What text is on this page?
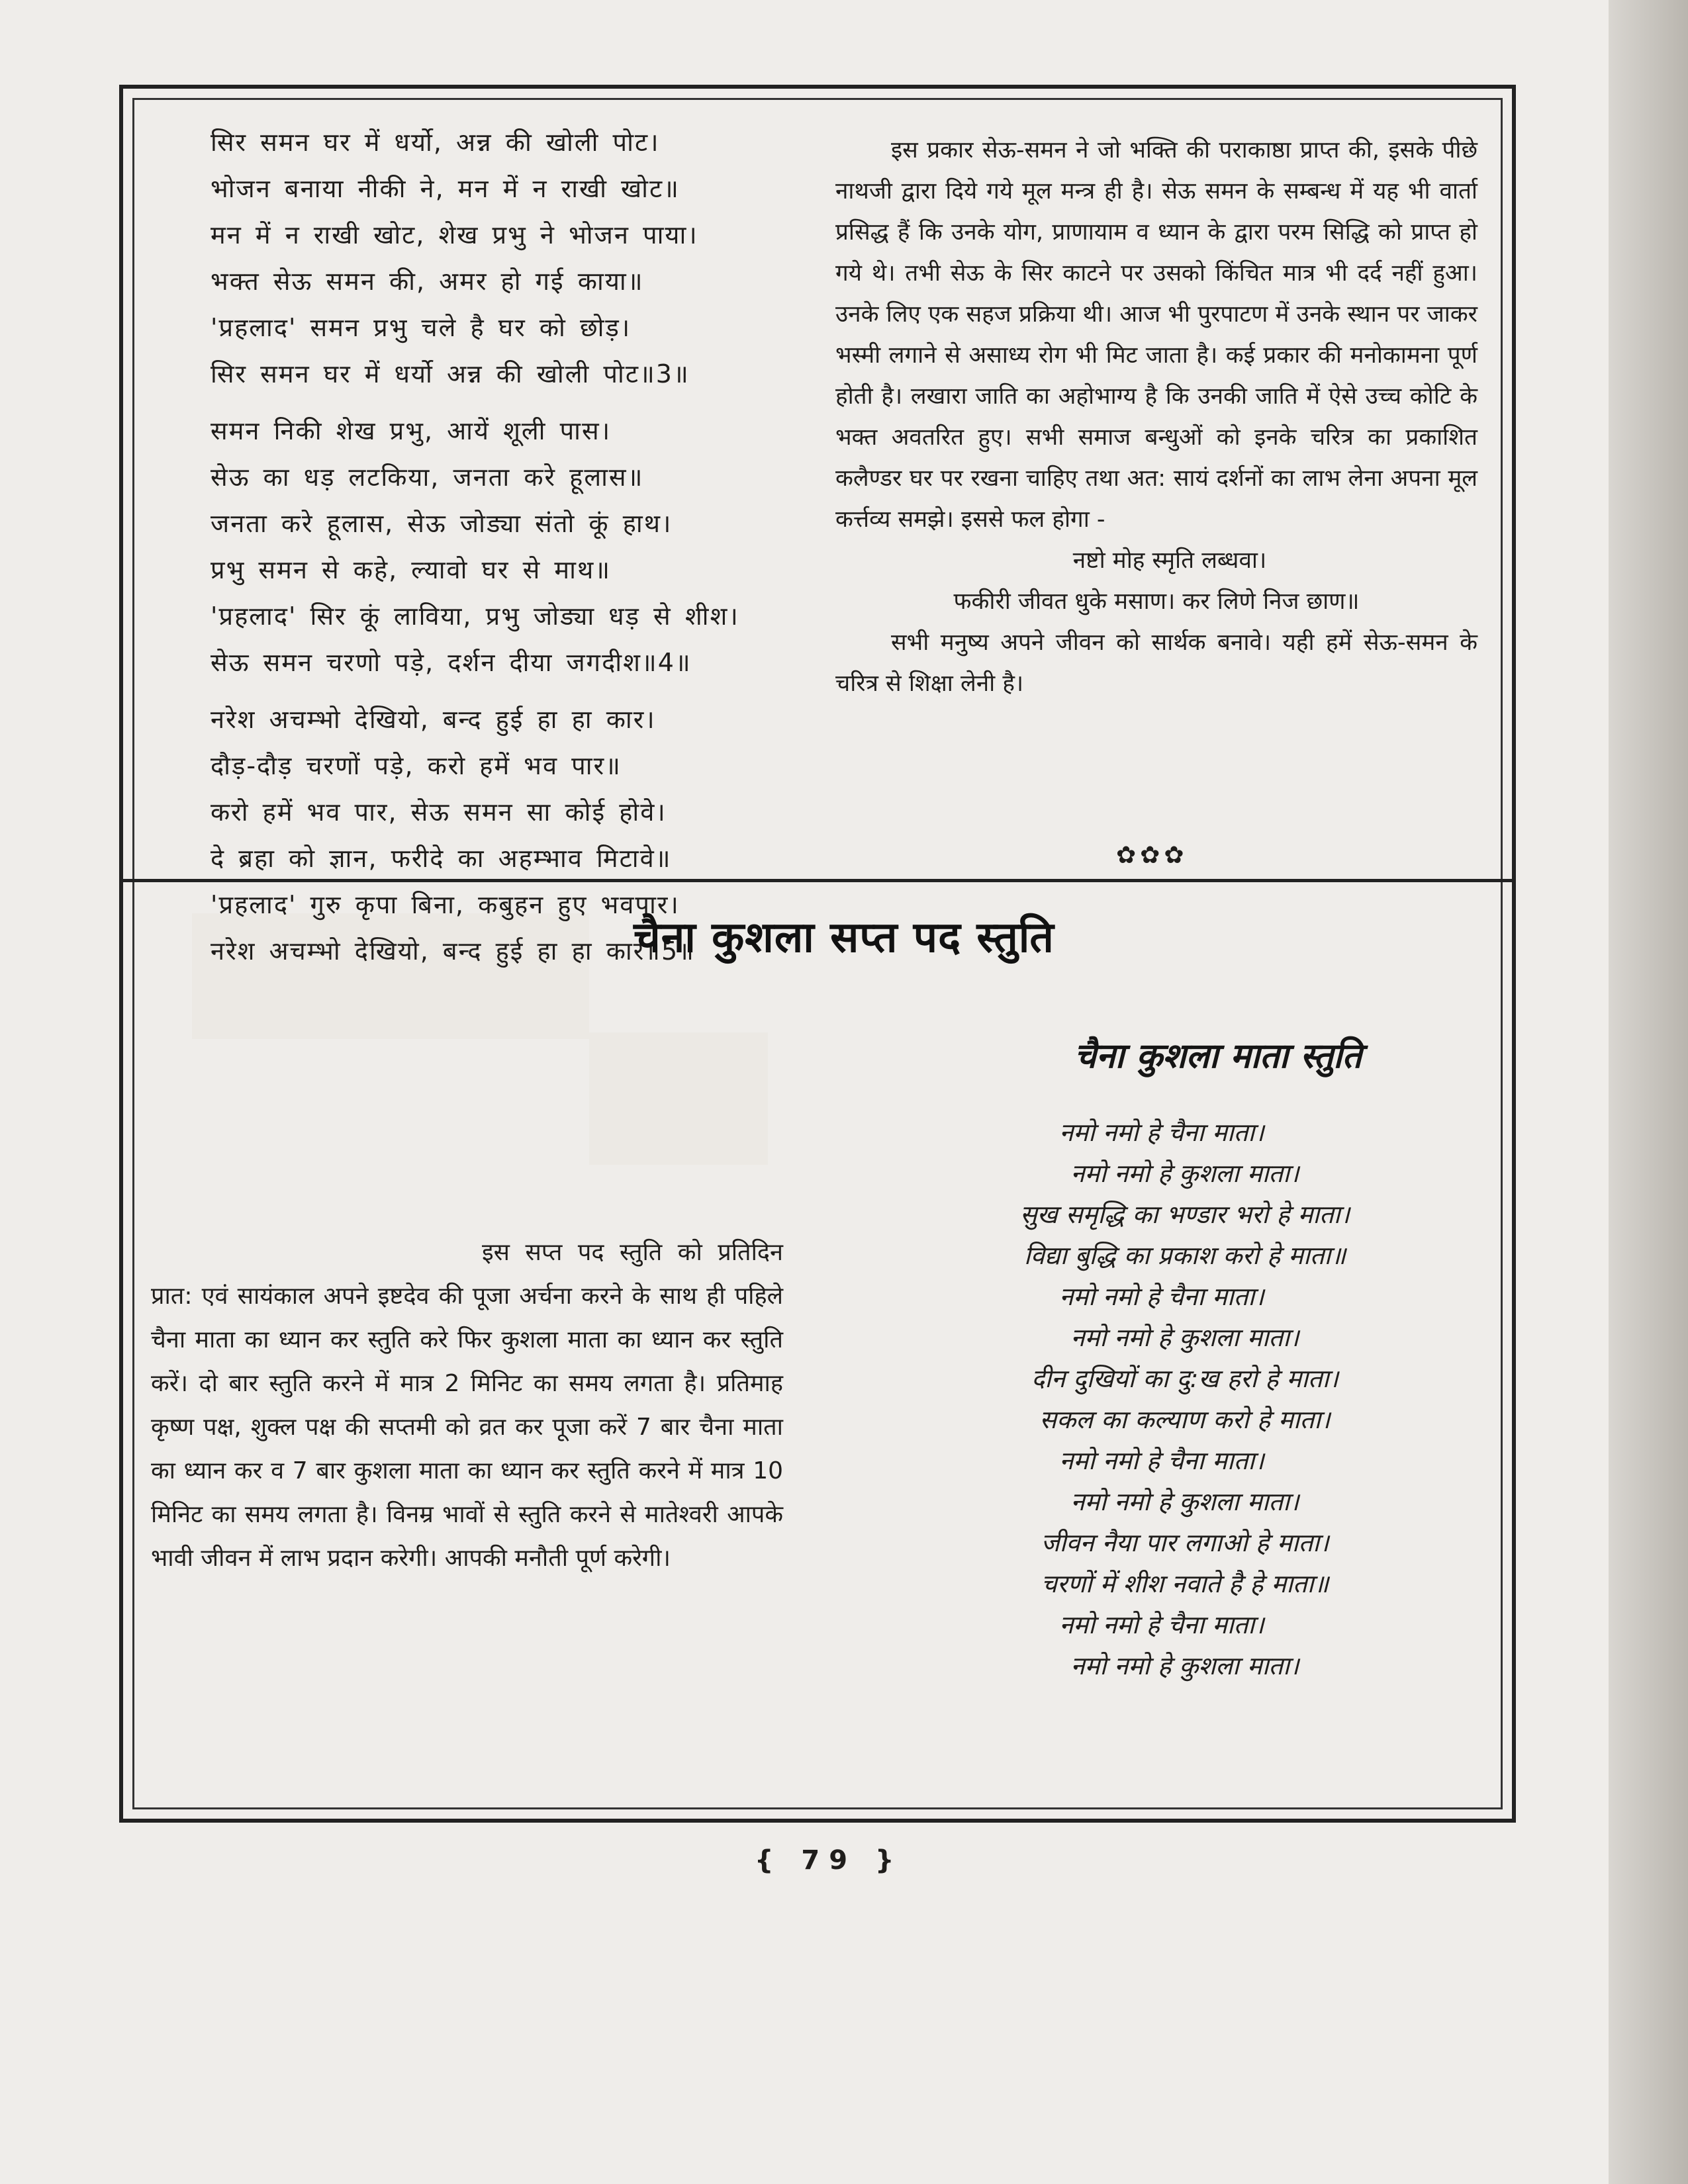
सिर समन घर में धर्यो, अन्न की खोली पोट।
भोजन बनाया नीकी ने, मन में न राखी खोट॥
मन में न राखी खोट, शेख प्रभु ने भोजन पाया।
भक्त सेऊ समन की, अमर हो गई काया॥
'प्रहलाद' समन प्रभु चले है घर को छोड़।
सिर समन घर में धर्यो अन्न की खोली पोट॥3॥
समन निकी शेख प्रभु, आयें शूली पास।
सेऊ का धड़ लटकिया, जनता करे हूलास॥
जनता करे हूलास, सेऊ जोड्या संतो कूं हाथ।
प्रभु समन से कहे, ल्यावो घर से माथ॥
'प्रहलाद' सिर कूं लाविया, प्रभु जोड्या धड़ से शीश।
सेऊ समन चरणो पड़े, दर्शन दीया जगदीश॥4॥
नरेश अचम्भो देखियो, बन्द हुई हा हा कार।
दौड़-दौड़ चरणों पड़े, करो हमें भव पार॥
करो हमें भव पार, सेऊ समन सा कोई होवे।
दे ब्रहा को ज्ञान, फरीदे का अहम्भाव मिटावे॥
'प्रहलाद' गुरु कृपा बिना, कबुहन हुए भवपार।
नरेश अचम्भो देखियो, बन्द हुई हा हा कार॥5॥

इस प्रकार सेऊ-समन ने जो भक्ति की पराकाष्ठा प्राप्त की, इसके पीछे नाथजी द्वारा दिये गये मूल मन्त्र ही है। सेऊ समन के सम्बन्ध में यह भी वार्ता प्रसिद्ध हैं कि उनके योग, प्राणायाम व ध्यान के द्वारा परम सिद्धि को प्राप्त हो गये थे। तभी सेऊ के सिर काटने पर उसको किंचित मात्र भी दर्द नहीं हुआ। उनके लिए एक सहज प्रक्रिया थी। आज भी पुरपाटण में उनके स्थान पर जाकर भस्मी लगाने से असाध्य रोग भी मिट जाता है। कई प्रकार की मनोकामना पूर्ण होती है। लखारा जाति का अहोभाग्य है कि उनकी जाति में ऐसे उच्च कोटि के भक्त अवतरित हुए। सभी समाज बन्धुओं को इनके चरित्र का प्रकाशित कलैण्डर घर पर रखना चाहिए तथा अत: सायं दर्शनों का लाभ लेना अपना मूल कर्त्तव्य समझे। इससे फल होगा -

नष्टो मोह स्मृति लब्धवा।
फकीरी जीवत धुके मसाण। कर लिणे निज छाण॥

सभी मनुष्य अपने जीवन को सार्थक बनावे। यही हमें सेऊ-समन के चरित्र से शिक्षा लेनी है।

✿✿✿
चैना कुशला सप्त पद स्तुति
चैना कुशला माता स्तुति
नमो नमो हे चैना माता।
नमो नमो हे कुशला माता।
सुख समृद्धि का भण्डार भरो हे माता।
विद्या बुद्धि का प्रकाश करो हे माता॥
नमो नमो हे चैना माता।
नमो नमो हे कुशला माता।
दीन दुखियों का दु:ख हरो हे माता।
सकल का कल्याण करो हे माता।
नमो नमो हे चैना माता।
नमो नमो हे कुशला माता।
जीवन नैया पार लगाओ हे माता।
चरणों में शीश नवाते है हे माता॥
नमो नमो हे चैना माता।
नमो नमो हे कुशला माता।

इस सप्त पद स्तुति को प्रतिदिन प्रात: एवं सायंकाल अपने इष्टदेव की पूजा अर्चना करने के साथ ही पहिले चैना माता का ध्यान कर स्तुति करे फिर कुशला माता का ध्यान कर स्तुति करें। दो बार स्तुति करने में मात्र 2 मिनिट का समय लगता है। प्रतिमाह कृष्ण पक्ष, शुक्ल पक्ष की सप्तमी को व्रत कर पूजा करें 7 बार चैना माता का ध्यान कर व 7 बार कुशला माता का ध्यान कर स्तुति करने में मात्र 10 मिनिट का समय लगता है। विनम्र भावों से स्तुति करने से मातेश्वरी आपके भावी जीवन में लाभ प्रदान करेगी। आपकी मनौती पूर्ण करेगी।

{ 79 }
